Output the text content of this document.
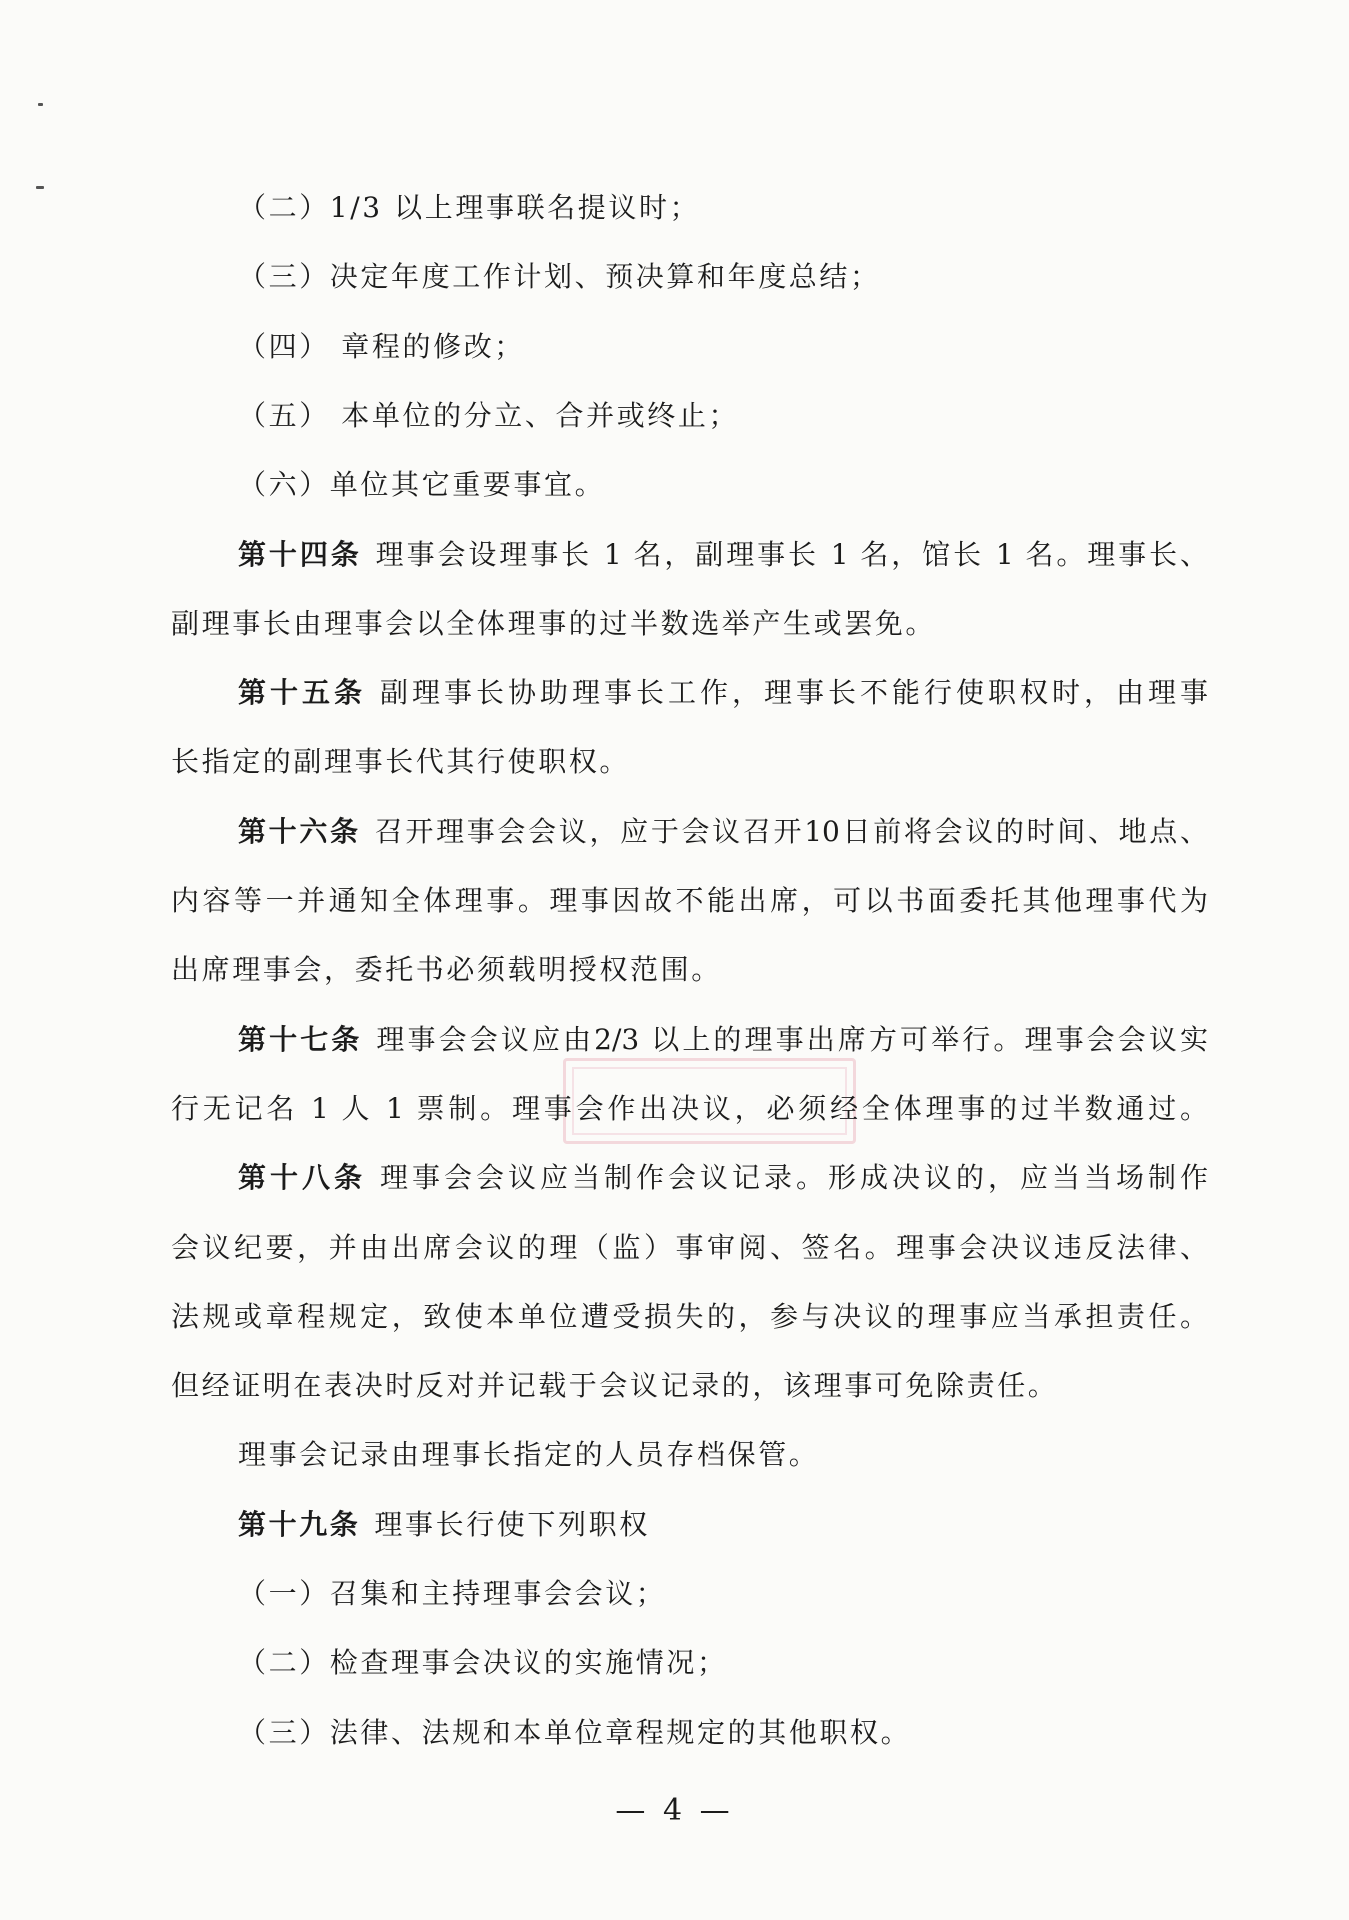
（二）1/3 以上理事联名提议时；
（三）决定年度工作计划、预决算和年度总结；
（四） 章程的修改；
（五） 本单位的分立、合并或终止；
（六）单位其它重要事宜。
第十四条 理事会设理事长 1 名，副理事长 1 名，馆长 1 名。理事长、
副理事长由理事会以全体理事的过半数选举产生或罢免。
第十五条 副理事长协助理事长工作，理事长不能行使职权时，由理事
长指定的副理事长代其行使职权。
第十六条 召开理事会会议，应于会议召开10日前将会议的时间、地点、
内容等一并通知全体理事。理事因故不能出席，可以书面委托其他理事代为
出席理事会，委托书必须载明授权范围。
第十七条 理事会会议应由2/3 以上的理事出席方可举行。理事会会议实
行无记名 1 人 1 票制。理事会作出决议，必须经全体理事的过半数通过。
第十八条 理事会会议应当制作会议记录。形成决议的，应当当场制作
会议纪要，并由出席会议的理（监）事审阅、签名。理事会决议违反法律、
法规或章程规定，致使本单位遭受损失的，参与决议的理事应当承担责任。
但经证明在表决时反对并记载于会议记录的，该理事可免除责任。
理事会记录由理事长指定的人员存档保管。
第十九条 理事长行使下列职权
（一）召集和主持理事会会议；
（二）检查理事会决议的实施情况；
（三）法律、法规和本单位章程规定的其他职权。
— 4 —
